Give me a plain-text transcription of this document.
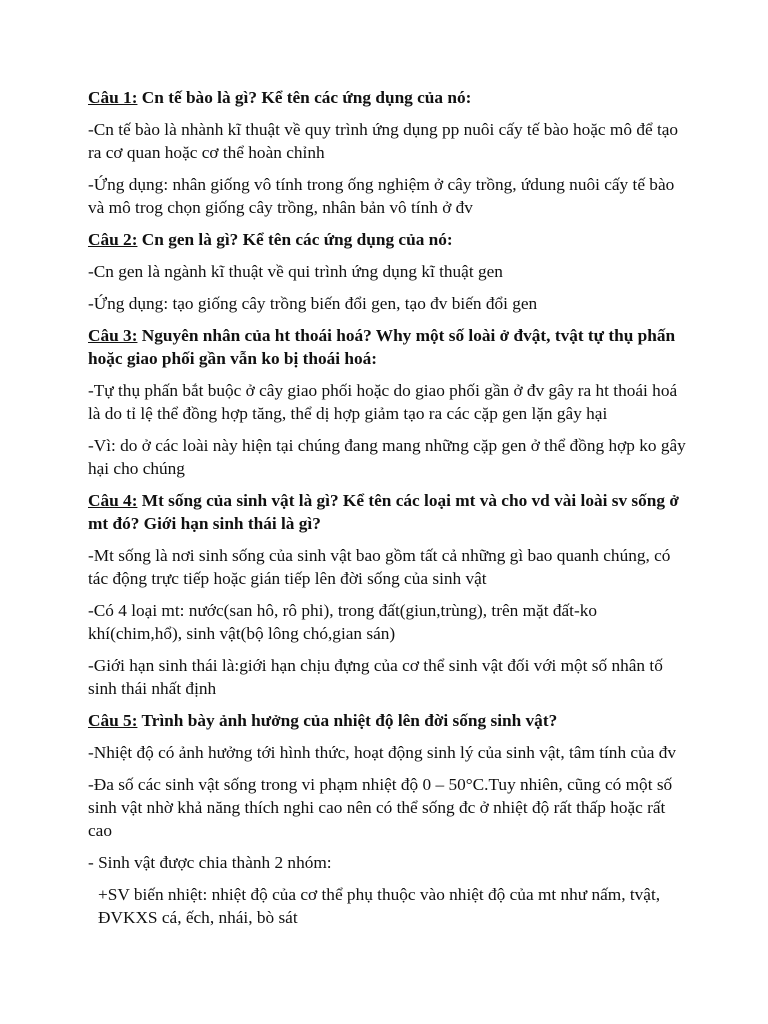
Câu 1: Cn tế bào là gì? Kể tên các ứng dụng của nó:
-Cn tế bào là nhành kĩ thuật về quy trình ứng dụng pp nuôi cấy tế bào hoặc mô để tạo ra cơ quan hoặc cơ thể hoàn chỉnh
-Ứng dụng: nhân giống vô tính trong ống nghiệm ở cây trồng, ứdung nuôi cấy tế bào và mô trog chọn giống cây trồng, nhân bản vô tính ở đv
Câu 2: Cn gen là gì? Kể tên các ứng dụng của nó:
-Cn gen là ngành kĩ thuật về qui trình ứng dụng kĩ thuật gen
-Ứng dụng: tạo giống cây trồng biến đổi gen, tạo đv biến đổi gen
Câu 3: Nguyên nhân của ht thoái hoá? Why một số loài ở đvật, tvật tự thụ phấn hoặc giao phối gần vẫn ko bị thoái hoá:
-Tự thụ phấn bắt buộc ở cây giao phối hoặc do giao phối gần ở đv gây ra ht thoái hoá là do tỉ lệ thể đồng hợp tăng, thể dị hợp giảm tạo ra các cặp gen lặn gây hại
-Vì: do ở các loài này hiện tại chúng đang mang những cặp gen ở thể đồng hợp ko gây hại cho chúng
Câu 4: Mt sống của sinh vật là gì? Kể tên các loại mt và cho vd vài loài sv sống ở mt đó? Giới hạn sinh thái là gì?
-Mt sống là nơi sinh sống của sinh vật bao gồm tất cả những gì bao quanh chúng, có tác động trực tiếp hoặc gián tiếp lên đời sống của sinh vật
-Có 4 loại mt: nước(san hô, rô phi), trong đất(giun,trùng), trên mặt đất-ko khí(chim,hổ), sinh vật(bộ lông chó,gian sán)
-Giới hạn sinh thái là:giới hạn chịu đựng của cơ thể sinh vật đối với một số nhân tố sinh thái nhất định
Câu 5: Trình bày ảnh hưởng của nhiệt độ lên đời sống sinh vật?
-Nhiệt độ có ảnh hưởng tới hình thức, hoạt động sinh lý của sinh vật, tâm tính của đv
-Đa số các sinh vật sống trong vi phạm nhiệt độ 0 – 50°C.Tuy nhiên, cũng có một số sinh vật nhờ khả năng thích nghi cao nên có thể sống đc ở nhiệt độ rất thấp hoặc rất cao
- Sinh vật được chia thành 2 nhóm:
+SV biến nhiệt: nhiệt độ của cơ thể phụ thuộc vào nhiệt độ của mt như nấm, tvật, ĐVKXS cá, ếch, nhái, bò sát
